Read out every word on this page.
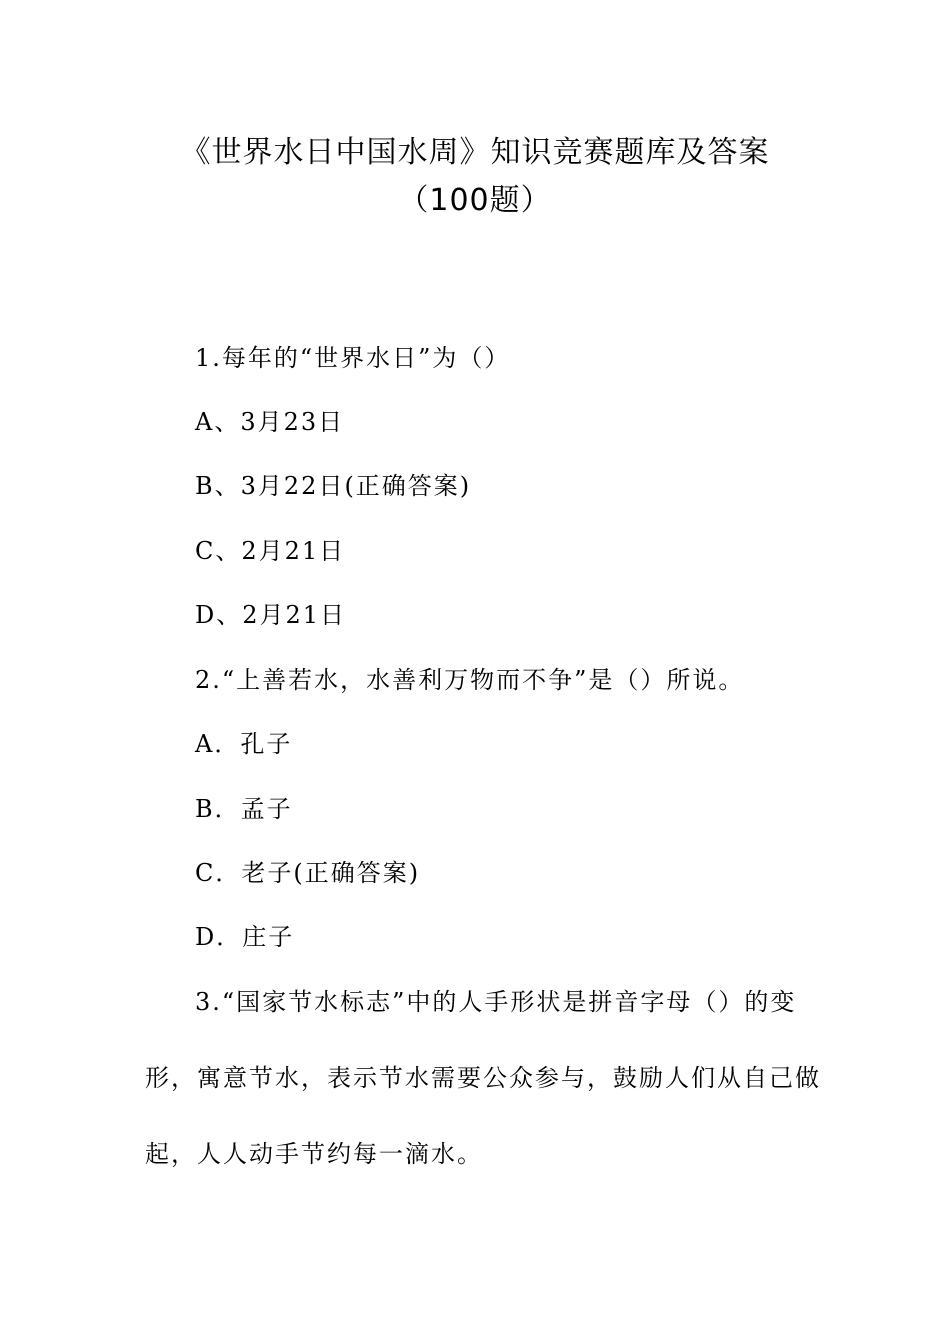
《世界水日中国水周》知识竞赛题库及答案
（100题）
1.每年的“世界水日”为（）
A、3月23日
B、3月22日(正确答案)
C、2月21日
D、2月21日
2.“上善若水，水善利万物而不争”是（）所说。
A．孔子
B．孟子
C．老子(正确答案)
D．庄子
3.“国家节水标志”中的人手形状是拼音字母（）的变
形，寓意节水，表示节水需要公众参与，鼓励人们从自己做
起，人人动手节约每一滴水。
